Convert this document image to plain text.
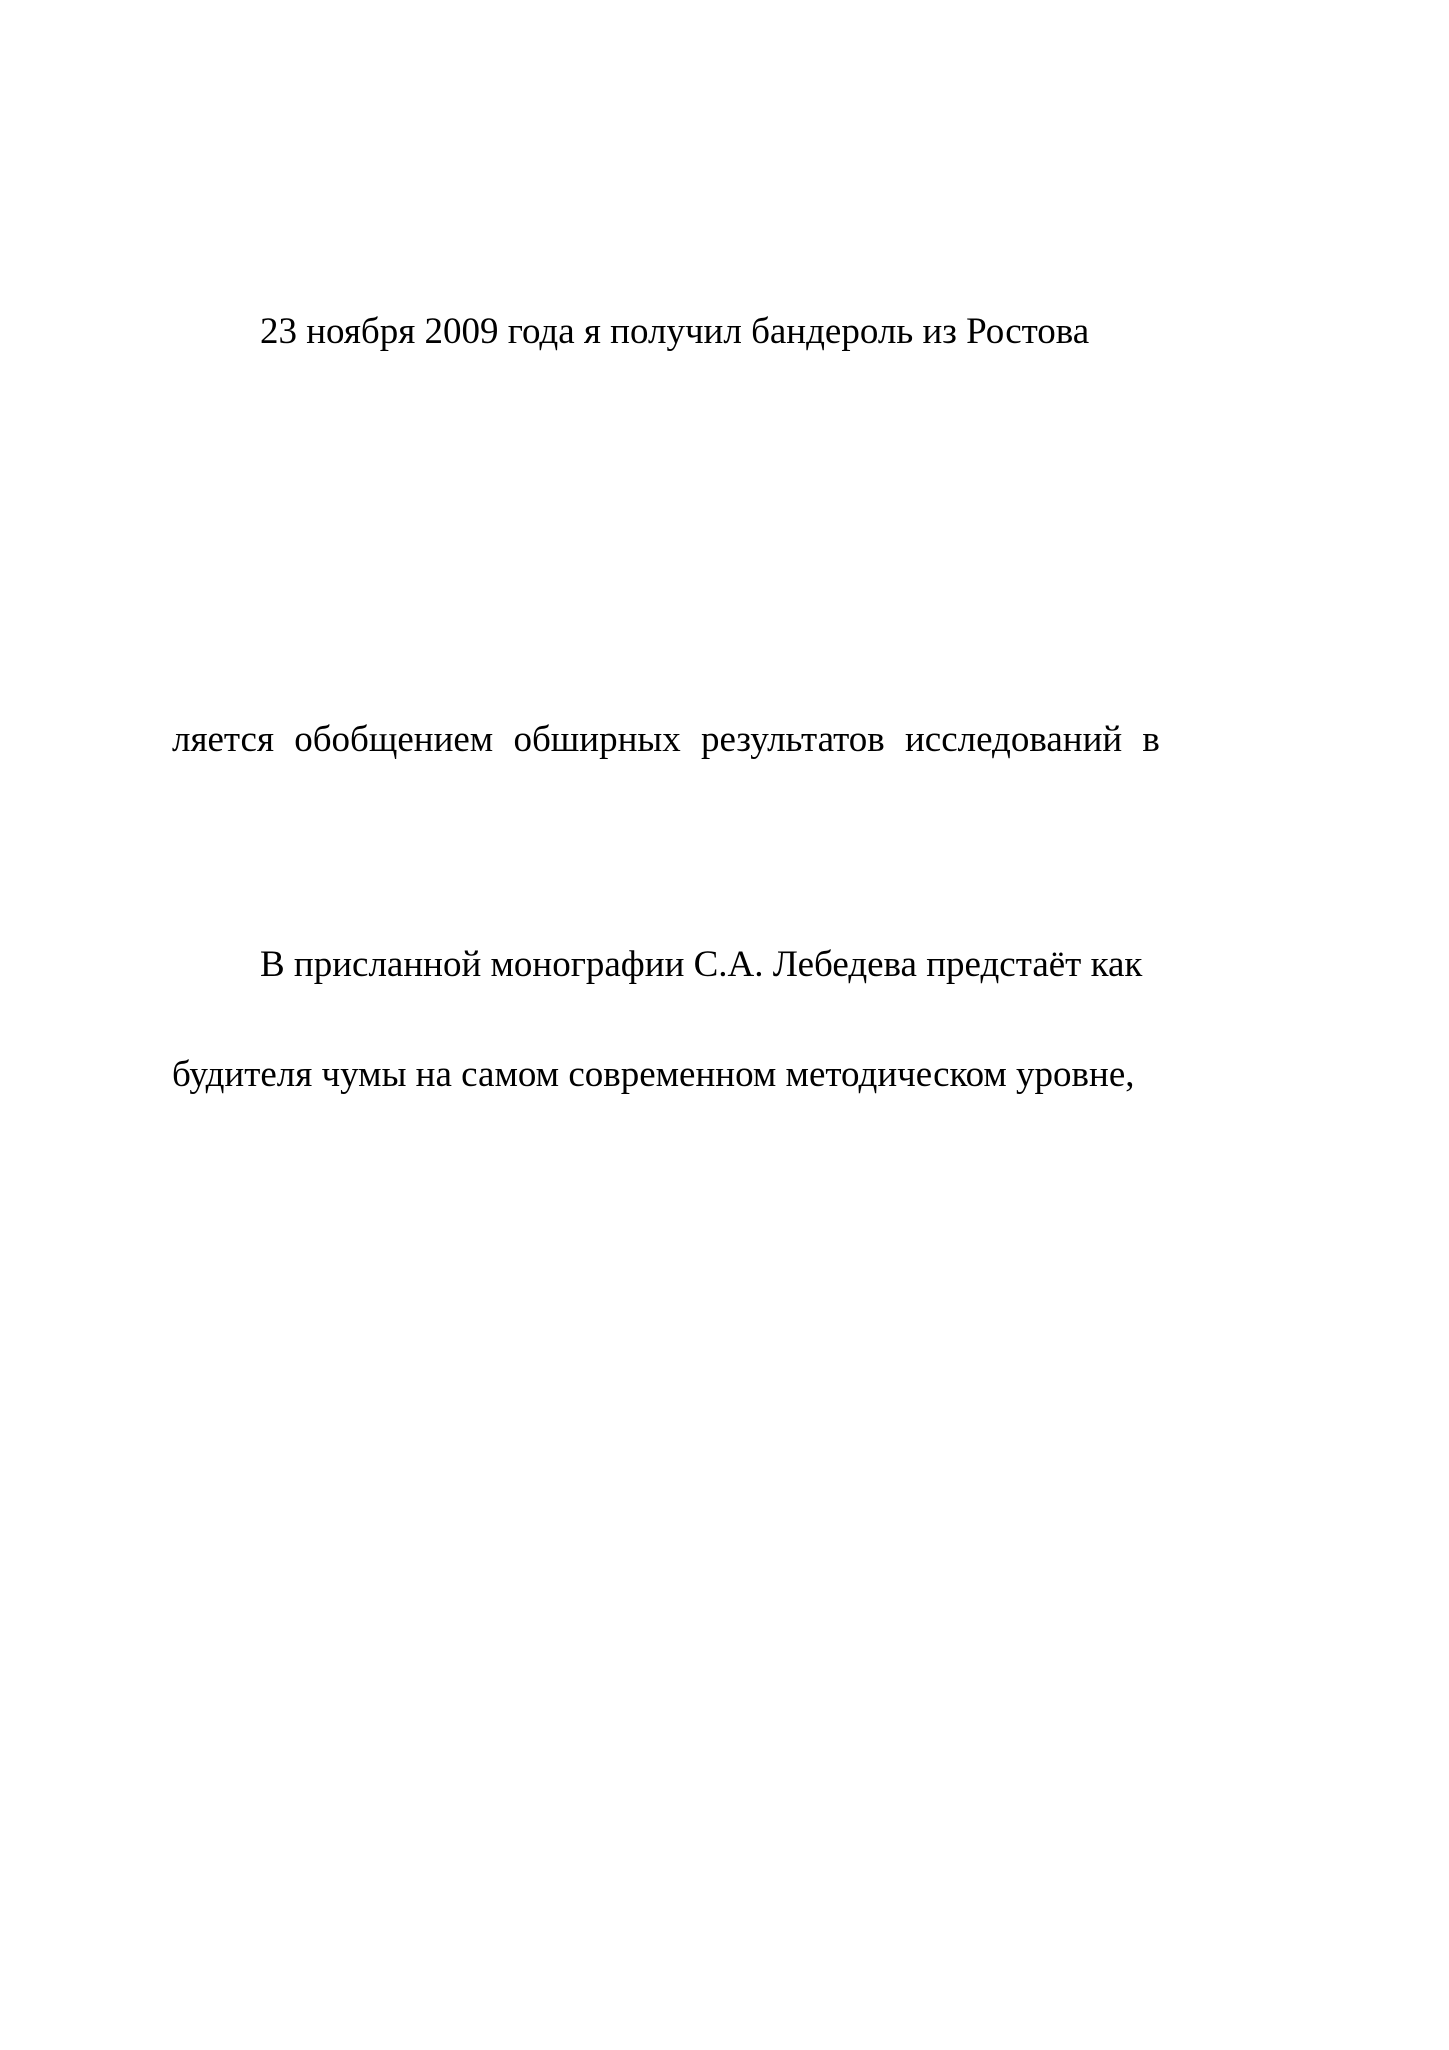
23 ноября 2009 года я получил бандероль из Ростова

ляется обобщением обширных результатов исследований в

В присланной монографии С.А. Лебедева предстаёт как

будителя чумы на самом современном методическом уровне,
